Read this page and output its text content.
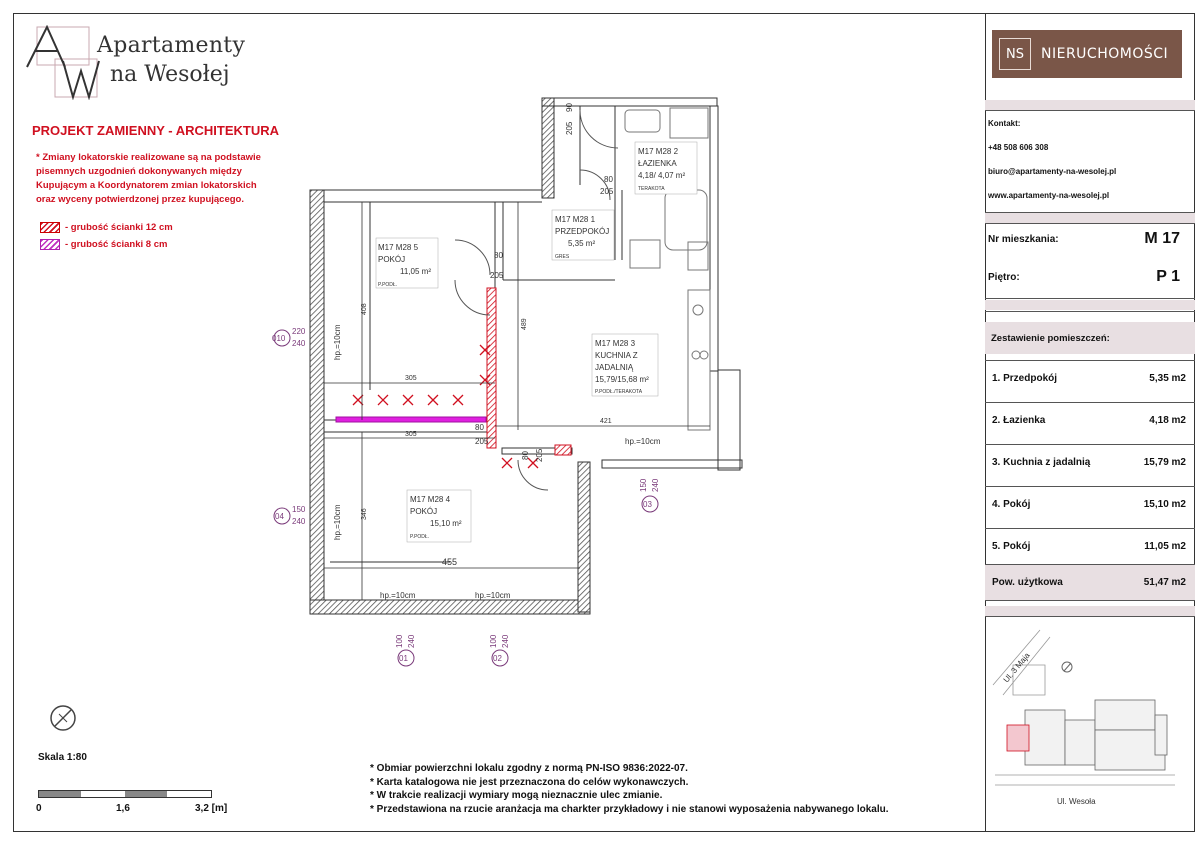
Apartamenty
na Wesołej
PROJEKT ZAMIENNY - ARCHITEKTURA
* Zmiany lokatorskie realizowane są na podstawie
pisemnych uzgodnień dokonywanych między
Kupującym a Koordynatorem zmian lokatorskich
oraz wyceny potwierdzonej przez kupującego.
- grubość ścianki 12 cm
- grubość ścianki 8 cm
305
305
421
455
408
489
346
hp.=10cm
hp.=10cm
hp.=10cm
hp.=10cm	hp.=10cm
90
205
80
205
80
205
80
205
80 205
M17 M28 5
POKÓJ
11,05 m²
P.PODŁ.
M17 M28 1
PRZEDPOKÓJ
5,35 m²
GRES
M17 M28 2
ŁAZIENKA
4,18/ 4,07 m²
TERAKOTA
M17 M28 3
KUCHNIA Z
JADALNIĄ
15,79/15,68 m²
P.PODŁ./TERAKOTA
M17 M28 4
POKÓJ
15,10 m²
P.PODŁ.
010
220
240
04
150
240
03
150 240
01
100 240
02
100 240
Skala 1:80
0	1,6	3,2 [m]
* Obmiar powierzchni lokalu zgodny z normą PN-ISO 9836:2022-07.
* Karta katalogowa nie jest przeznaczona do celów wykonawczych.
* W trakcie realizacji wymiary mogą nieznacznie ulec zmianie.
* Przedstawiona na rzucie aranżacja ma charkter przykładowy i nie stanowi wyposażenia nabywanego lokalu.
NS	NIERUCHOMOŚCI
Kontakt:
+48 508 606 308
biuro@apartamenty-na-wesolej.pl
www.apartamenty-na-wesolej.pl
Nr mieszkania:	M 17
Piętro:	P 1
Zestawienie pomieszczeń:
1. Przedpokój	5,35 m2
2. Łazienka	4,18 m2
3. Kuchnia z jadalnią	15,79 m2
4. Pokój	15,10 m2
5. Pokój	11,05 m2
Pow. użytkowa	51,47 m2
Ul. 3 Maja
Ul. Wesoła
